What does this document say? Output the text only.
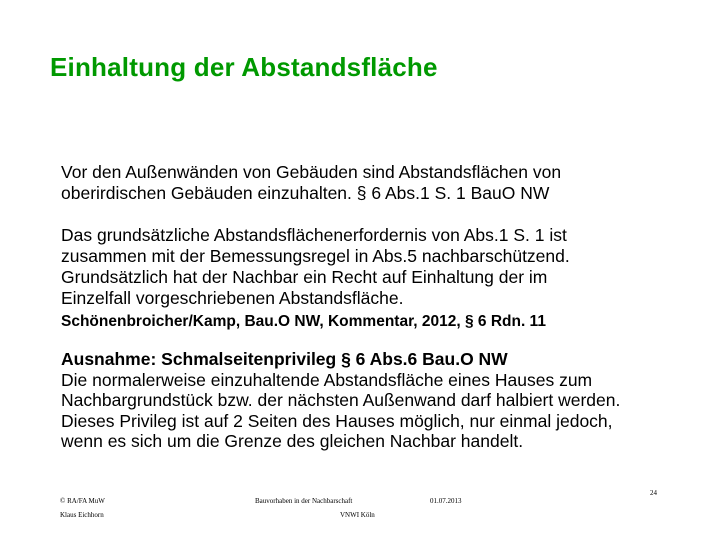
Einhaltung der Abstandsfläche
Vor den Außenwänden von Gebäuden sind Abstandsflächen von
oberirdischen Gebäuden einzuhalten. § 6 Abs.1 S. 1 BauO NW
Das grundsätzliche Abstandsflächenerfordernis von Abs.1 S. 1 ist
zusammen mit der Bemessungsregel in Abs.5 nachbarschützend.
Grundsätzlich hat der Nachbar ein Recht auf Einhaltung der im
Einzelfall vorgeschriebenen Abstandsfläche.
Schönenbroicher/Kamp, Bau.O NW, Kommentar, 2012, § 6 Rdn. 11
Ausnahme: Schmalseitenprivileg § 6 Abs.6 Bau.O NW
Die normalerweise einzuhaltende Abstandsfläche eines Hauses zum
Nachbargrundstück bzw. der nächsten Außenwand darf halbiert werden.
Dieses Privileg ist auf 2 Seiten des Hauses möglich, nur einmal jedoch,
wenn es sich um die Grenze des gleichen Nachbar handelt.
© RA/FA MuW
Klaus Eichhorn
Bauvorhaben in der Nachbarschaft	01.07.2013
24
VNWI Köln
